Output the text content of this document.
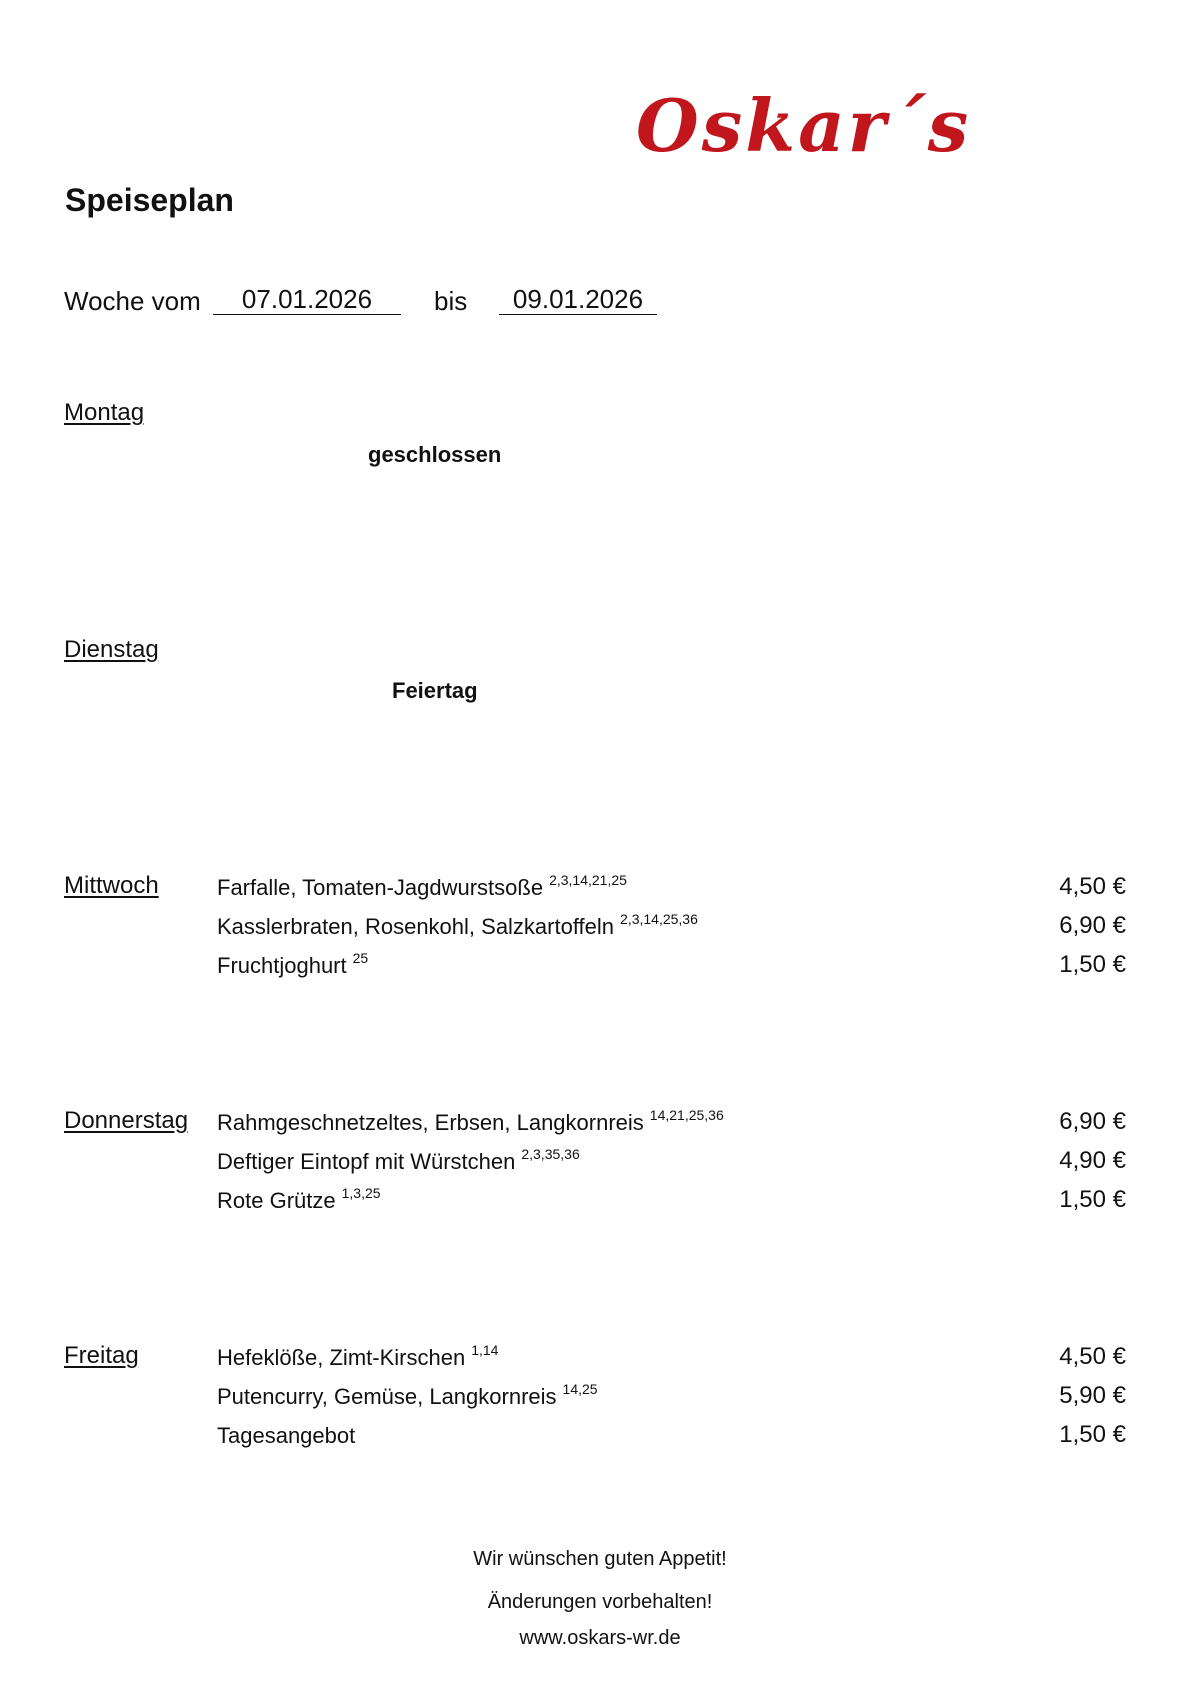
Oskar´s
Speiseplan
Woche vom	07.01.2026	bis	09.01.2026
Montag
geschlossen
Dienstag
Feiertag
Mittwoch	Farfalle, Tomaten-Jagdwurstsoße $^{2,3,14,21,25}$	4,50 €
Kasslerbraten, Rosenkohl, Salzkartoffeln $^{2,3,14,25,36}$	6,90 €
Fruchtjoghurt $^{25}$	1,50 €
Donnerstag Rahmgeschnetzeltes, Erbsen, Langkornreis $^{14,21,25,36}$	6,90 €
Deftiger Eintopf mit Würstchen $^{2,3,35,36}$	4,90 €
Rote Grütze $^{1,3,25}$	1,50 €
Freitag	Hefeklöße, Zimt-Kirschen $^{1,14}$	4,50 €
Putencurry, Gemüse, Langkornreis $^{14,25}$	5,90 €
Tagesangebot	1,50 €
Wir wünschen guten Appetit!
Änderungen vorbehalten!
www.oskars-wr.de
